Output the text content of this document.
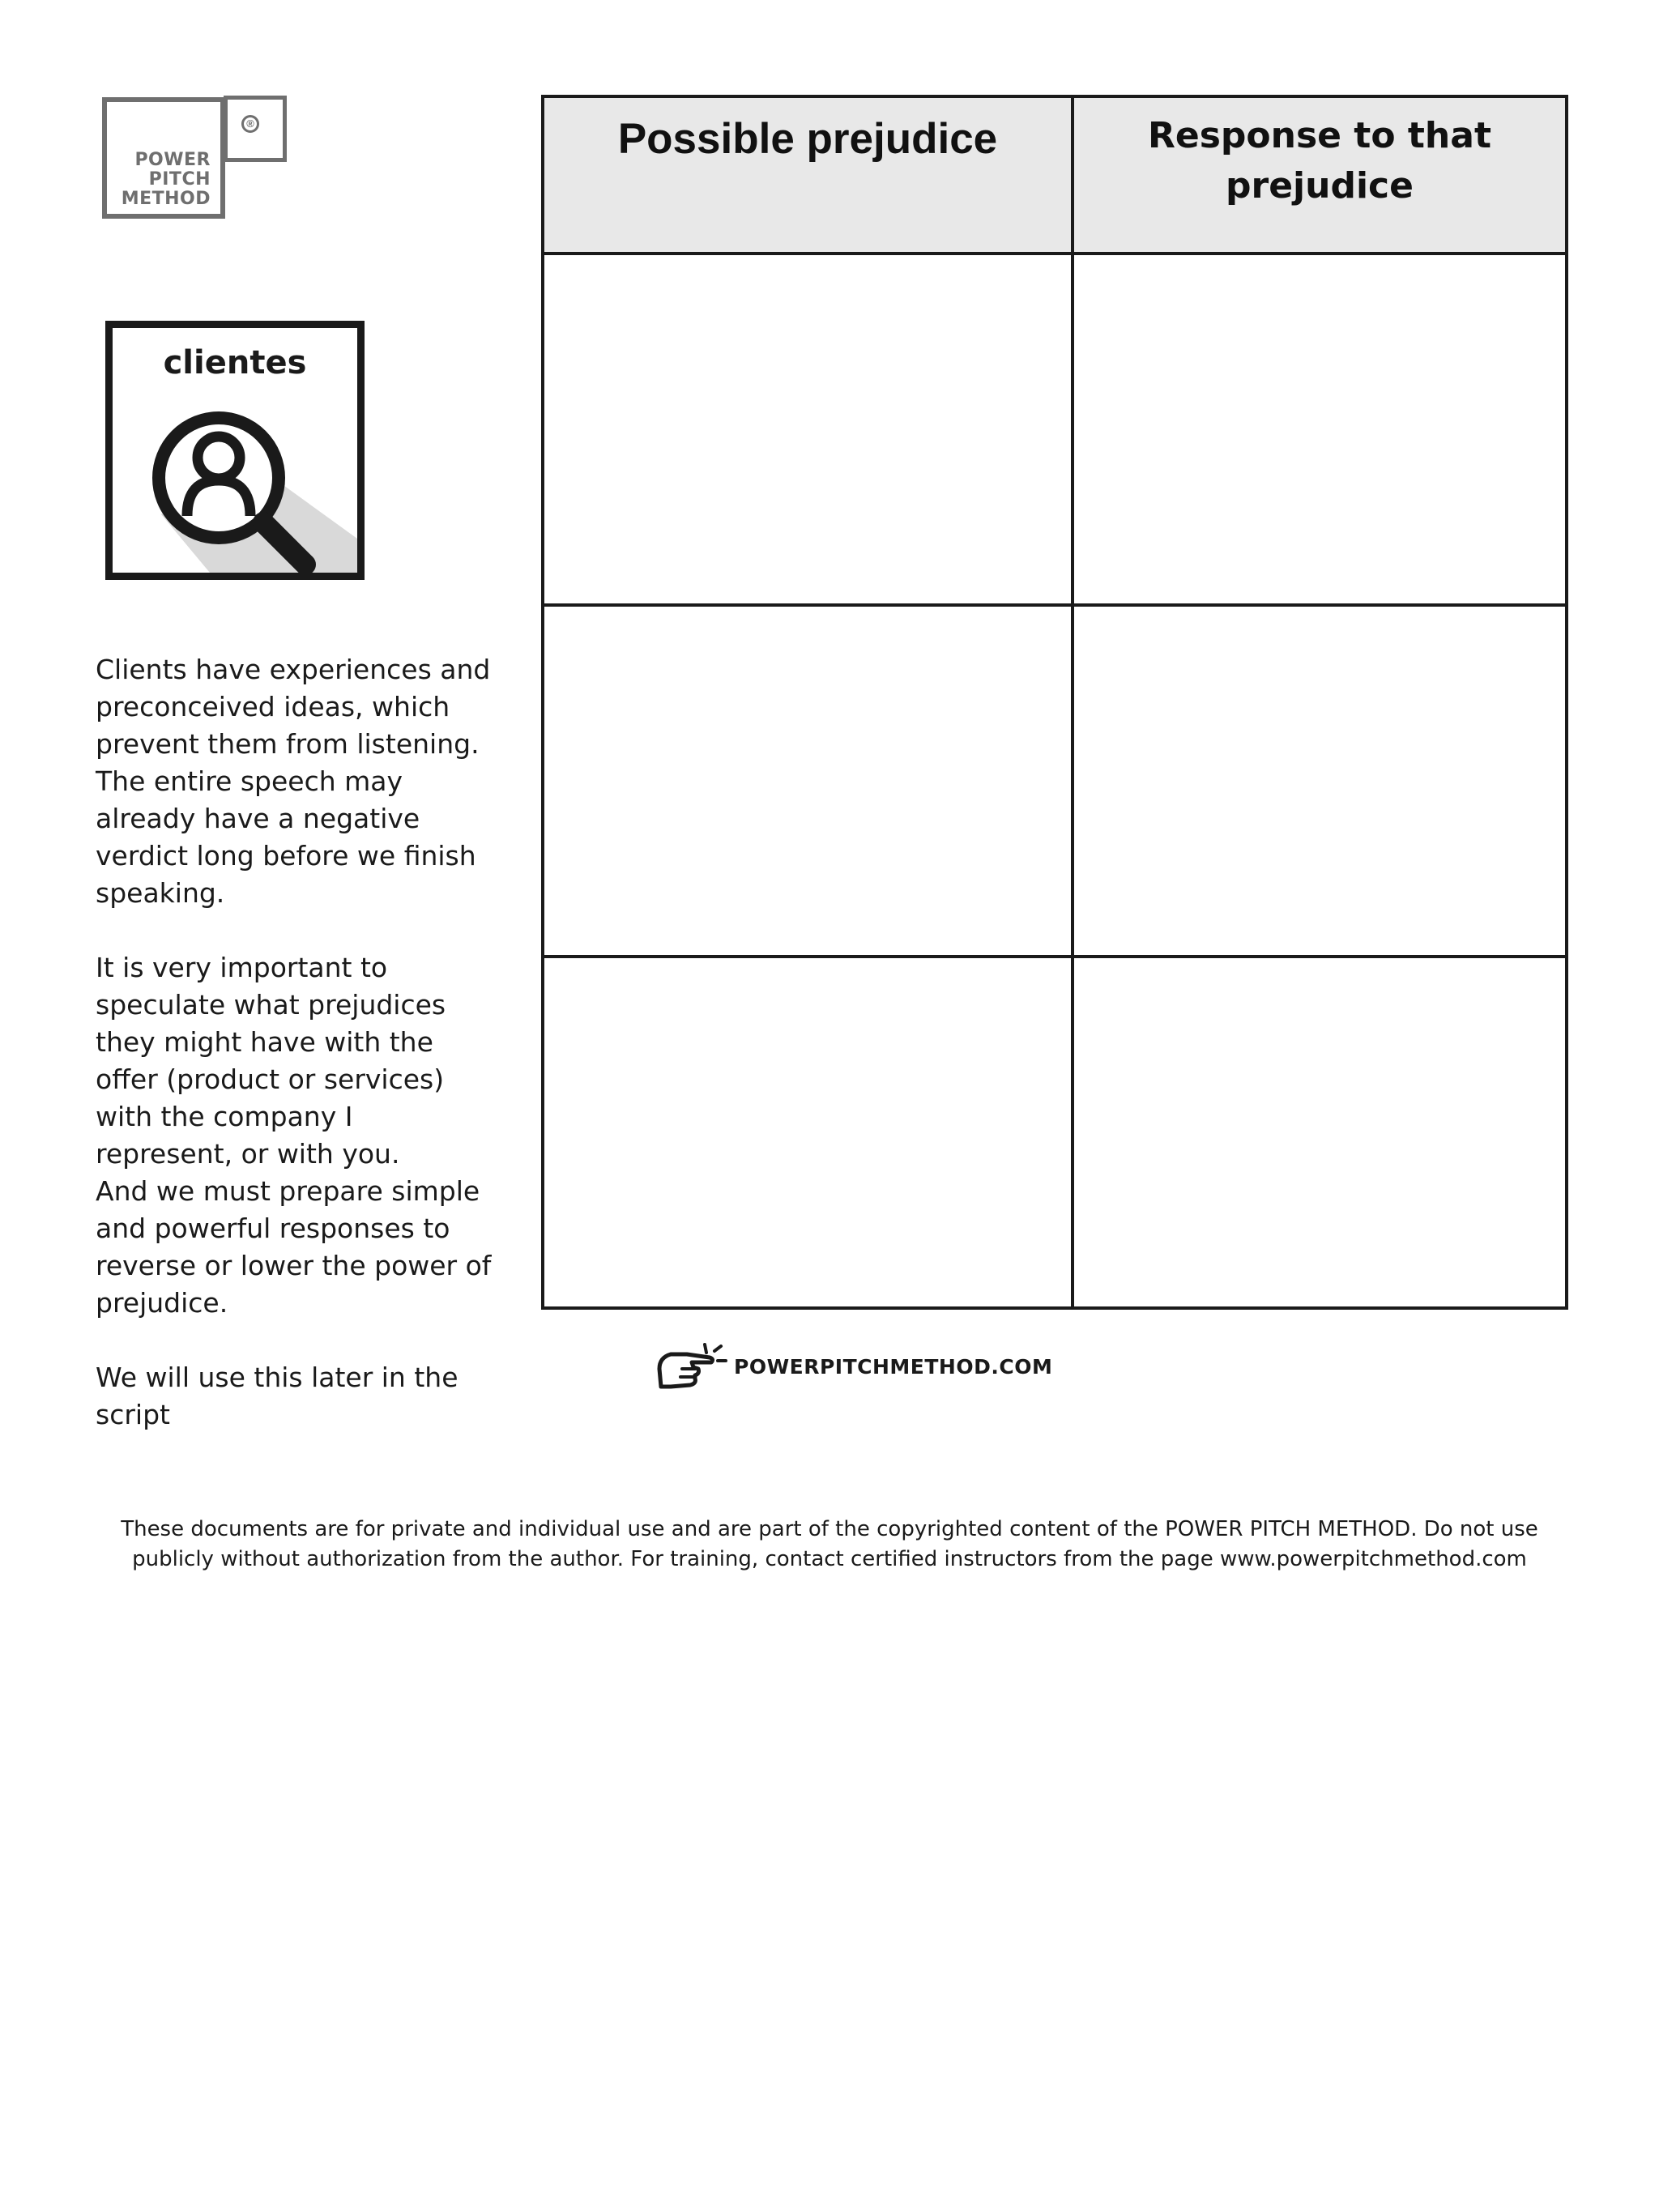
®
POWER
PITCH
METHOD
clientes

Clients have experiences and preconceived ideas, which prevent them from listening. The entire speech may already have a negative verdict long before we finish speaking.

It is very important to speculate what prejudices they might have with the offer (product or services) with the company I represent, or with you.

And we must prepare simple and powerful responses to reverse or lower the power of prejudice.

We will use this later in the script

Possible prejudice	Response to that prejudice

POWERPITCHMETHOD.COM

These documents are for private and individual use and are part of the copyrighted content of the POWER PITCH METHOD. Do not use

publicly without authorization from the author. For training, contact certified instructors from the page www.powerpitchmethod.com
